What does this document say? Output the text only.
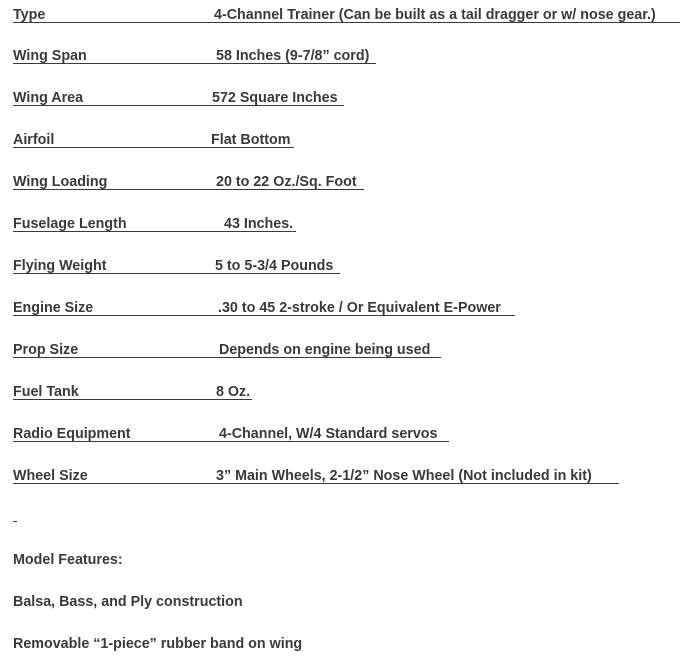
Type	4-Channel Trainer (Can be built as a tail dragger or w/ nose gear.)
Wing Span	58 Inches (9-7/8” cord)
Wing Area	572 Square Inches
Airfoil	Flat Bottom
Wing Loading	20 to 22 Oz./Sq. Foot
Fuselage Length	43 Inches.
Flying Weight	5 to 5-3/4 Pounds
Engine Size	.30 to 45 2-stroke / Or Equivalent E-Power
Prop Size	Depends on engine being used
Fuel Tank	8 Oz.
Radio Equipment	4-Channel, W/4 Standard servos
Wheel Size	3” Main Wheels, 2-1/2” Nose Wheel (Not included in kit)
Model Features:
Balsa, Bass, and Ply construction
Removable “1-piece” rubber band on wing
